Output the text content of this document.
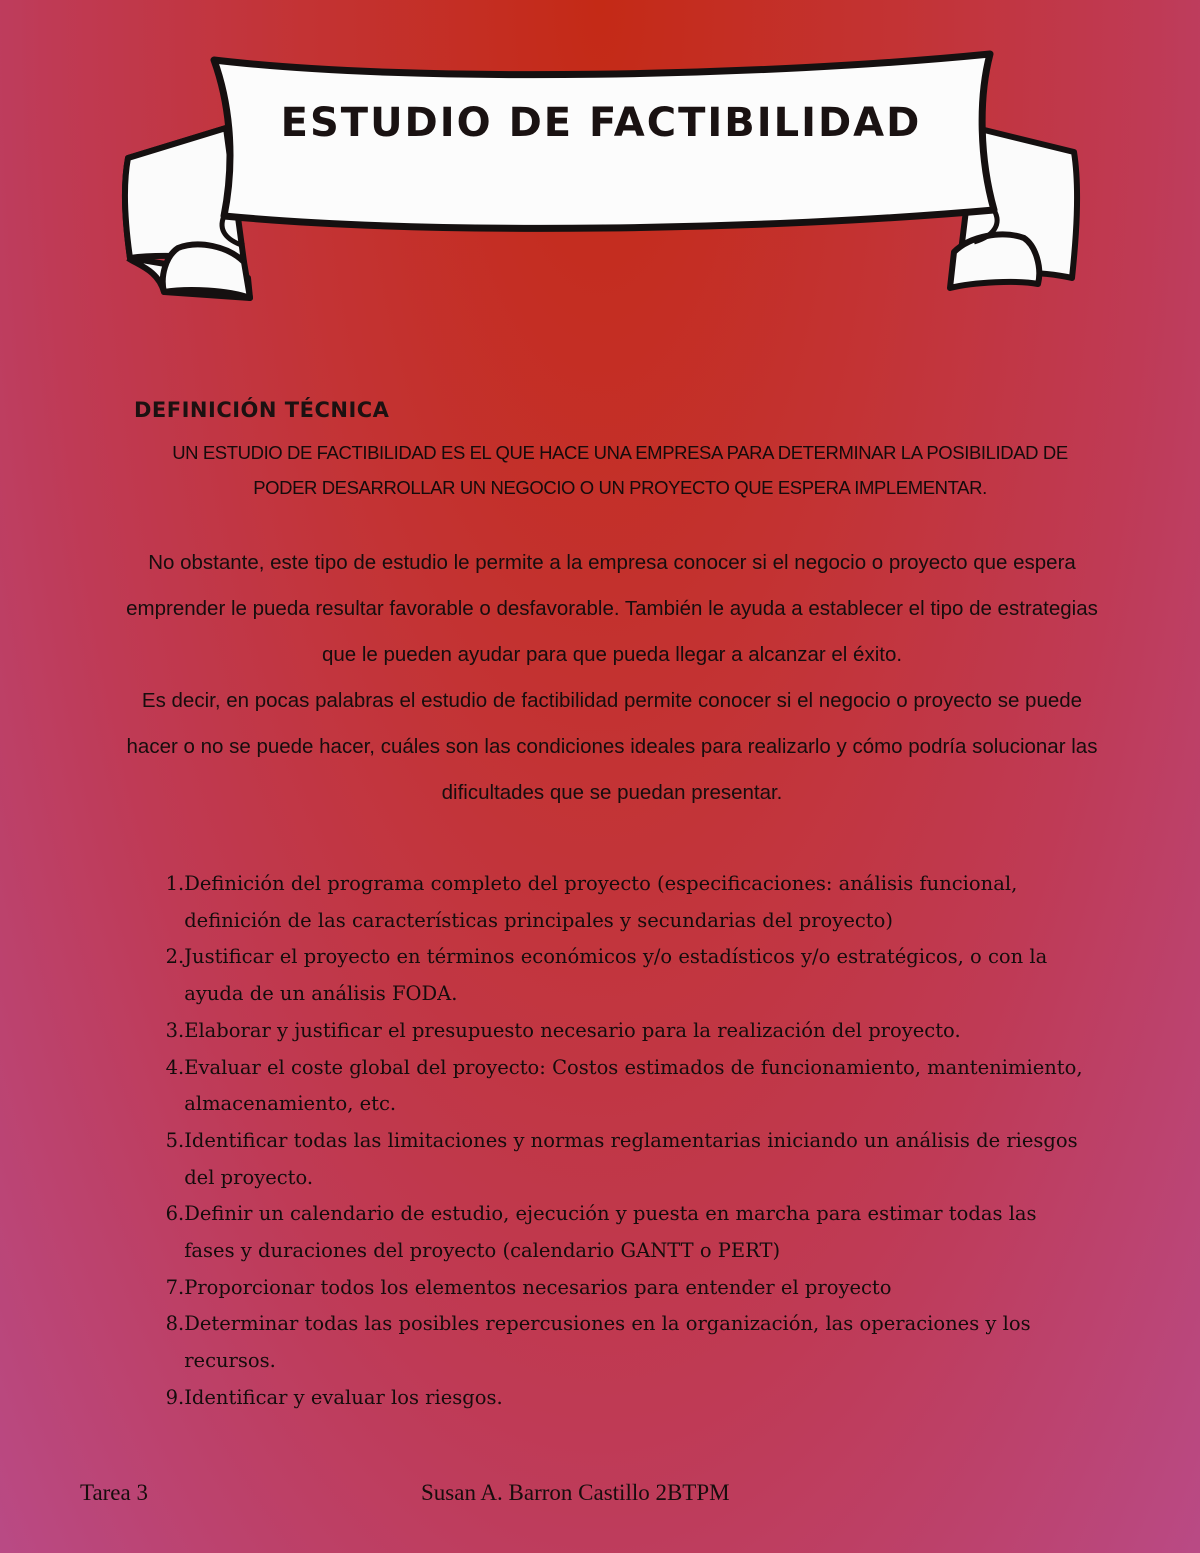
ESTUDIO DE FACTIBILIDAD
DEFINICIÓN TÉCNICA

UN ESTUDIO DE FACTIBILIDAD ES EL QUE HACE UNA EMPRESA PARA DETERMINAR LA POSIBILIDAD DE PODER DESARROLLAR UN NEGOCIO O UN PROYECTO QUE ESPERA IMPLEMENTAR.

No obstante, este tipo de estudio le permite a la empresa conocer si el negocio o proyecto que espera emprender le pueda resultar favorable o desfavorable. También le ayuda a establecer el tipo de estrategias que le pueden ayudar para que pueda llegar a alcanzar el éxito.

Es decir, en pocas palabras el estudio de factibilidad permite conocer si el negocio o proyecto se puede hacer o no se puede hacer, cuáles son las condiciones ideales para realizarlo y cómo podría solucionar las dificultades que se puedan presentar.

1 . Definición del programa completo del proyecto (especificaciones: análisis funcional, definición de las características principales y secundarias del proyecto)
2 . Justificar el proyecto en términos económicos y/o estadísticos y/o estratégicos, o con la ayuda de un análisis FODA.
3 . Elaborar y justificar el presupuesto necesario para la realización del proyecto.
4 . Evaluar el coste global del proyecto: Costos estimados de funcionamiento, mantenimiento, almacenamiento, etc.
5 . Identificar todas las limitaciones y normas reglamentarias iniciando un análisis de riesgos del proyecto.
6 . Definir un calendario de estudio, ejecución y puesta en marcha para estimar todas las fases y duraciones del proyecto (calendario GANTT o PERT)
7 . Proporcionar todos los elementos necesarios para entender el proyecto
8 . Determinar todas las posibles repercusiones en la organización, las operaciones y los recursos.
9 . Identificar y evaluar los riesgos.

Tarea 3	Susan A. Barron Castillo 2BTPM
